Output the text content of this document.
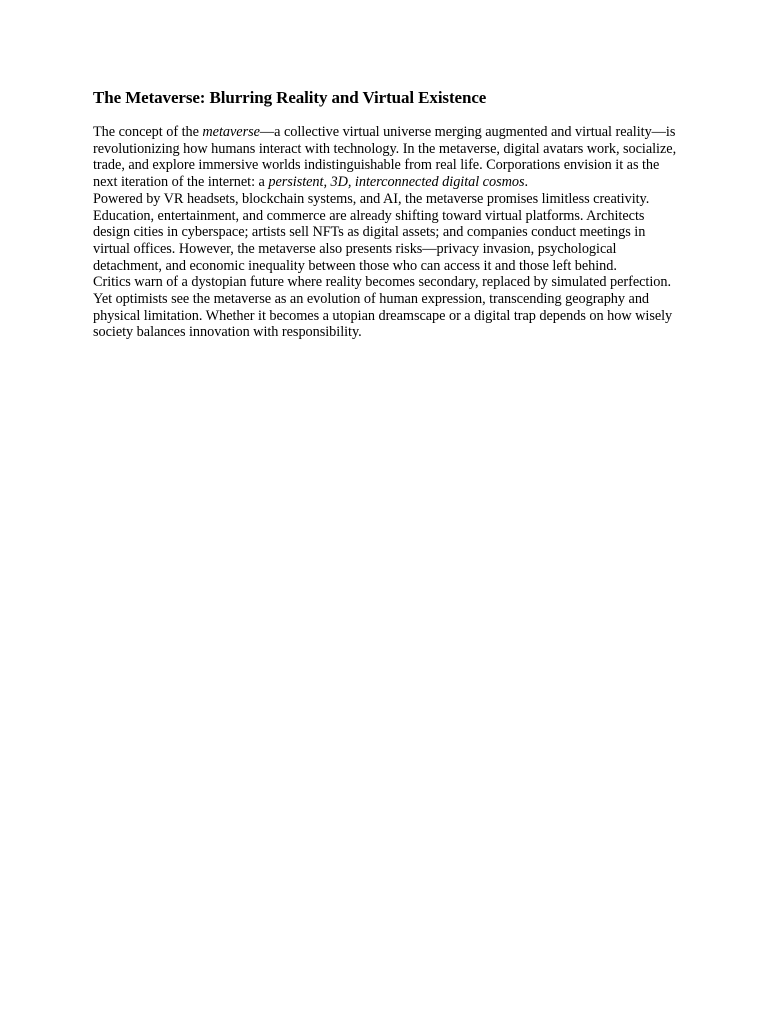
The Metaverse: Blurring Reality and Virtual Existence

The concept of the metaverse—a collective virtual universe merging augmented and virtual reality—is revolutionizing how humans interact with technology. In the metaverse, digital avatars work, socialize, trade, and explore immersive worlds indistinguishable from real life. Corporations envision it as the next iteration of the internet: a persistent, 3D, interconnected digital cosmos.

Powered by VR headsets, blockchain systems, and AI, the metaverse promises limitless creativity. Education, entertainment, and commerce are already shifting toward virtual platforms. Architects design cities in cyberspace; artists sell NFTs as digital assets; and companies conduct meetings in virtual offices. However, the metaverse also presents risks—privacy invasion, psychological detachment, and economic inequality between those who can access it and those left behind.

Critics warn of a dystopian future where reality becomes secondary, replaced by simulated perfection. Yet optimists see the metaverse as an evolution of human expression, transcending geography and physical limitation. Whether it becomes a utopian dreamscape or a digital trap depends on how wisely society balances innovation with responsibility.
